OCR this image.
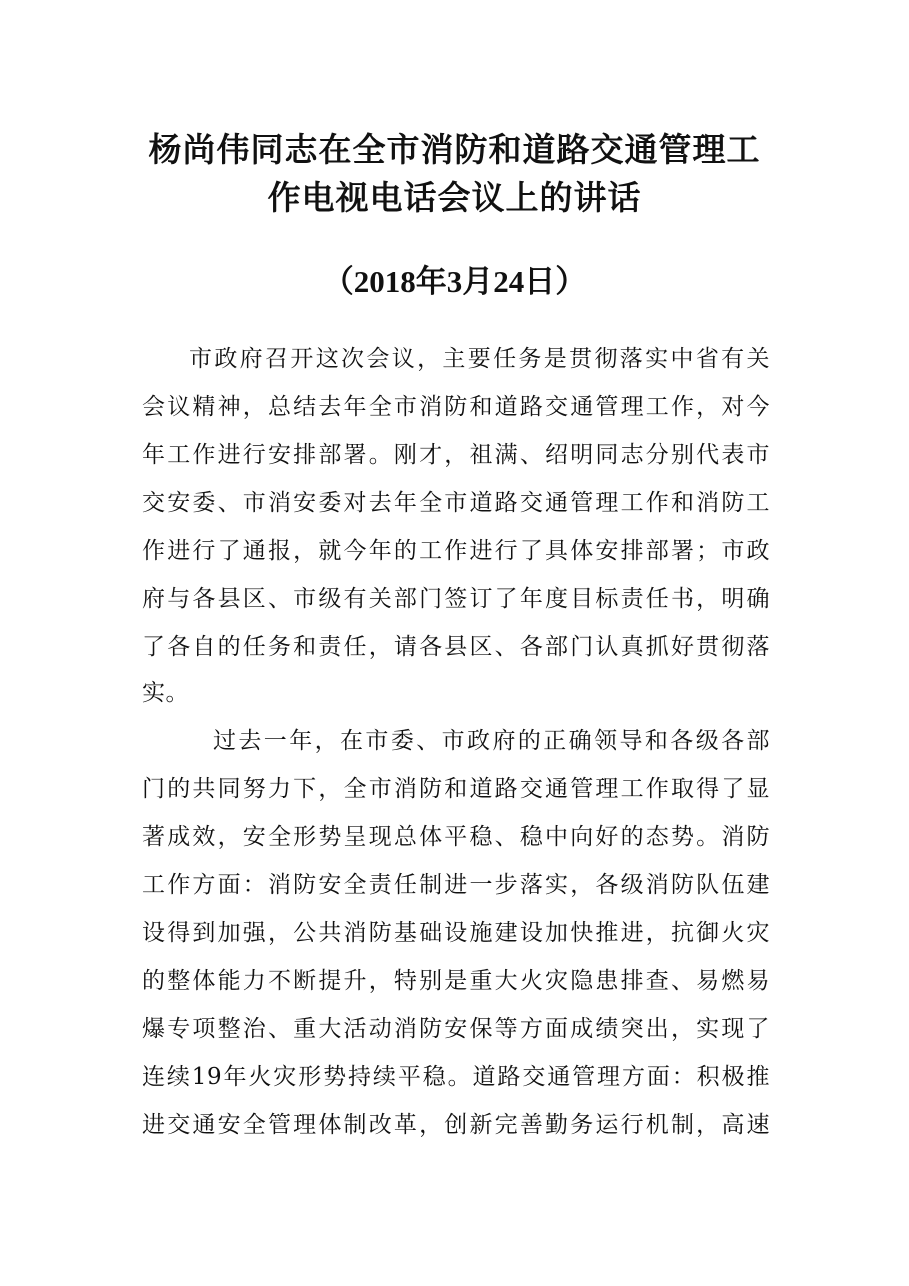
杨尚伟同志在全市消防和道路交通管理工
作电视电话会议上的讲话
（2018年3月24日）
市政府召开这次会议，主要任务是贯彻落实中省有关
会议精神，总结去年全市消防和道路交通管理工作，对今
年工作进行安排部署。刚才，祖满、绍明同志分别代表市
交安委、市消安委对去年全市道路交通管理工作和消防工
作进行了通报，就今年的工作进行了具体安排部署；市政
府与各县区、市级有关部门签订了年度目标责任书，明确
了各自的任务和责任，请各县区、各部门认真抓好贯彻落
实。
过去一年，在市委、市政府的正确领导和各级各部
门的共同努力下，全市消防和道路交通管理工作取得了显
著成效，安全形势呈现总体平稳、稳中向好的态势。消防
工作方面：消防安全责任制进一步落实，各级消防队伍建
设得到加强，公共消防基础设施建设加快推进，抗御火灾
的整体能力不断提升，特别是重大火灾隐患排查、易燃易
爆专项整治、重大活动消防安保等方面成绩突出，实现了
连续19年火灾形势持续平稳。道路交通管理方面：积极推
进交通安全管理体制改革，创新完善勤务运行机制，高速
